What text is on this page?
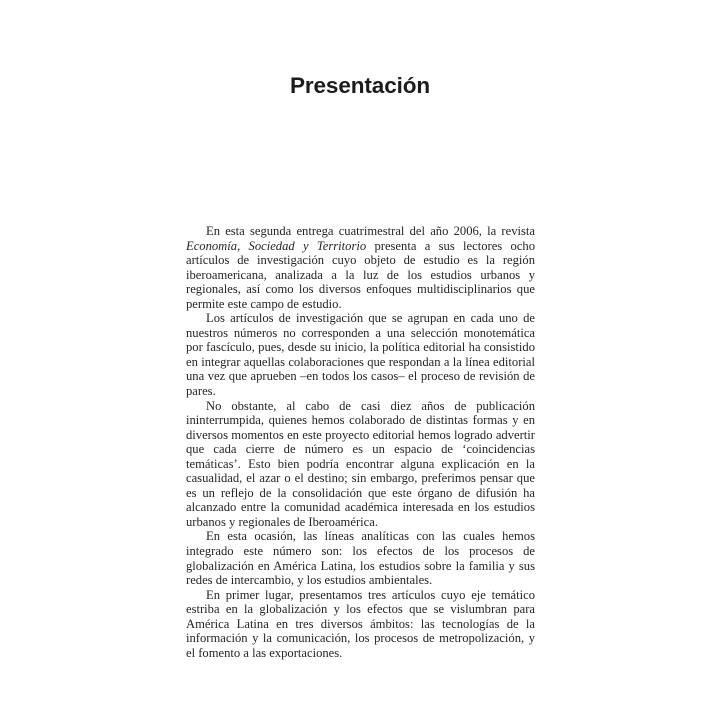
Presentación

En esta segunda entrega cuatrimestral del año 2006, la revista Economía, Sociedad y Territorio presenta a sus lectores ocho artículos de investigación cuyo objeto de estudio es la región iberoamericana, analizada a la luz de los estudios urbanos y regionales, así como los diversos enfoques multidisciplinarios que permite este campo de estudio.

Los artículos de investigación que se agrupan en cada uno de nuestros números no corresponden a una selección monotemática por fascículo, pues, desde su inicio, la política editorial ha consistido en integrar aquellas colaboraciones que respondan a la línea editorial una vez que aprueben –en todos los casos– el proceso de revisión de pares.

No obstante, al cabo de casi diez años de publicación ininterrumpida, quienes hemos colaborado de distintas formas y en diversos momentos en este proyecto editorial hemos logrado advertir que cada cierre de número es un espacio de ‘coincidencias temáticas’. Esto bien podría encontrar alguna explicación en la casualidad, el azar o el destino; sin embargo, preferimos pensar que es un reflejo de la consolidación que este órgano de difusión ha alcanzado entre la comunidad académica interesada en los estudios urbanos y regionales de Iberoamérica.

En esta ocasión, las líneas analíticas con las cuales hemos integrado este número son: los efectos de los procesos de globalización en América Latina, los estudios sobre la familia y sus redes de intercambio, y los estudios ambientales.

En primer lugar, presentamos tres artículos cuyo eje temático estriba en la globalización y los efectos que se vislumbran para América Latina en tres diversos ámbitos: las tecnologías de la información y la comunicación, los procesos de metropolización, y el fomento a las exportaciones.
